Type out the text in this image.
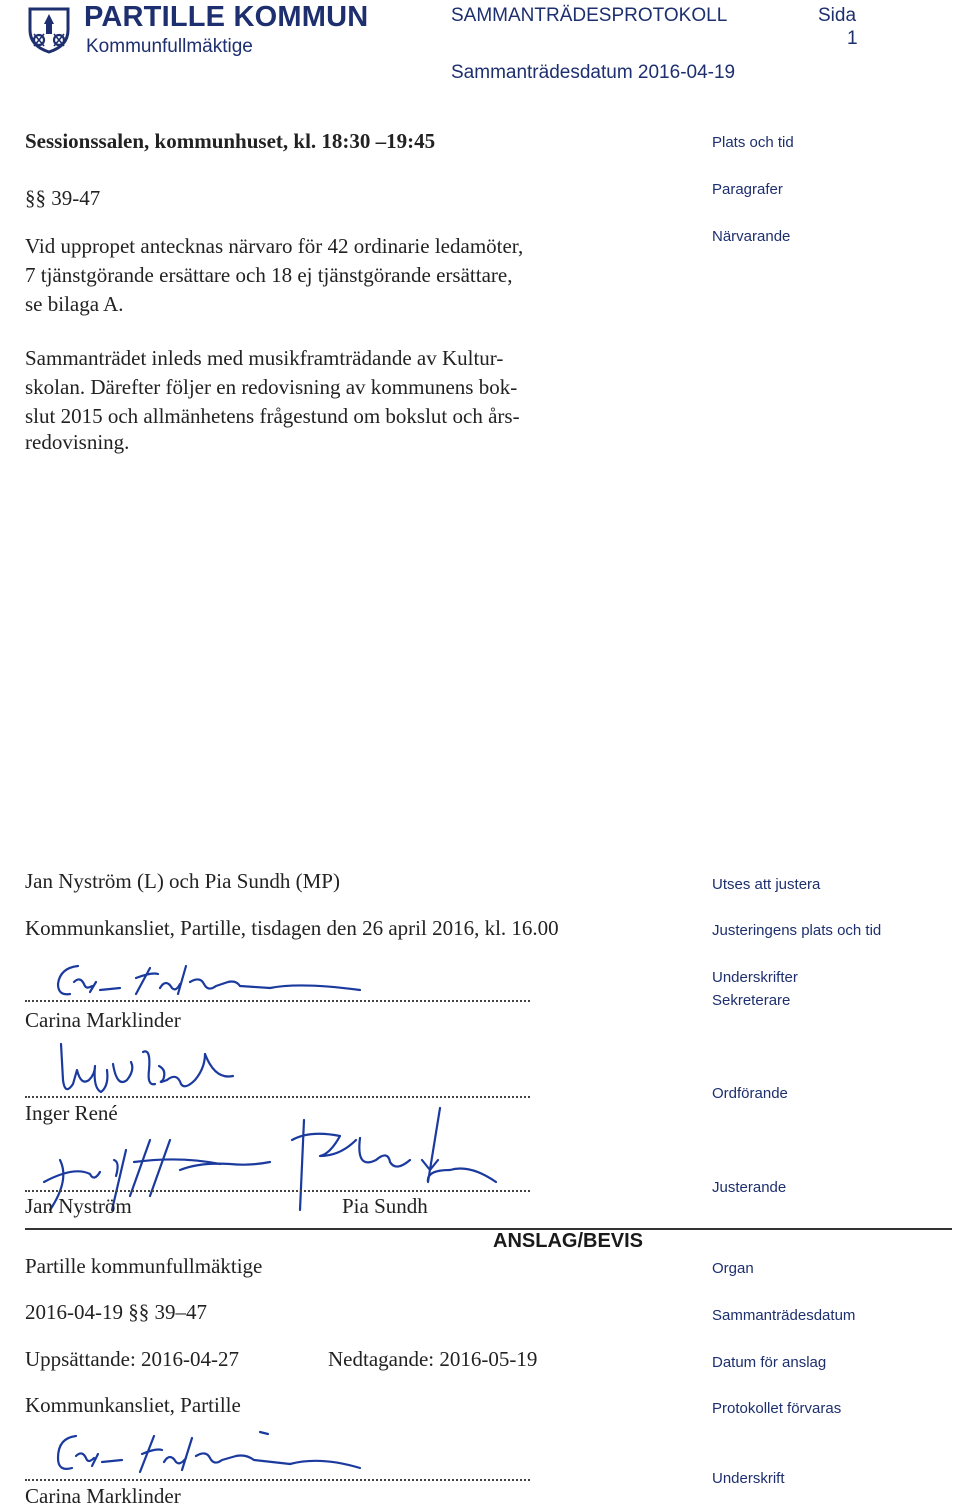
PARTILLE KOMMUN
Kommunfullmäktige
SAMMANTRÄDESPROTOKOLL	Sida
1
Sammanträdesdatum 2016-04-19
Sessionssalen, kommunhuset, kl. 18:30 –19:45	Plats och tid
§§ 39-47	Paragrafer
Vid uppropet antecknas närvaro för 42 ordinarie ledamöter,
7 tjänstgörande ersättare och 18 ej tjänstgörande ersättare,
se bilaga A.
Närvarande
Sammanträdet inleds med musikframträdande av Kultur-
skolan. Därefter följer en redovisning av kommunens bok-
slut 2015 och allmänhetens frågestund om bokslut och års-
redovisning.
Jan Nyström (L) och Pia Sundh (MP)	Utses att justera
Kommunkansliet, Partille, tisdagen den 26 april 2016, kl. 16.00	Justeringens plats och tid
Carina Marklinder
Underskrifter
Sekreterare
Inger René
Ordförande
Jan Nyström	Pia Sundh
Justerande
ANSLAG/BEVIS
Partille kommunfullmäktige	Organ
2016-04-19 §§ 39–47	Sammanträdesdatum
Uppsättande: 2016-04-27	Nedtagande: 2016-05-19	Datum för anslag
Kommunkansliet, Partille	Protokollet förvaras
Carina Marklinder
Underskrift
